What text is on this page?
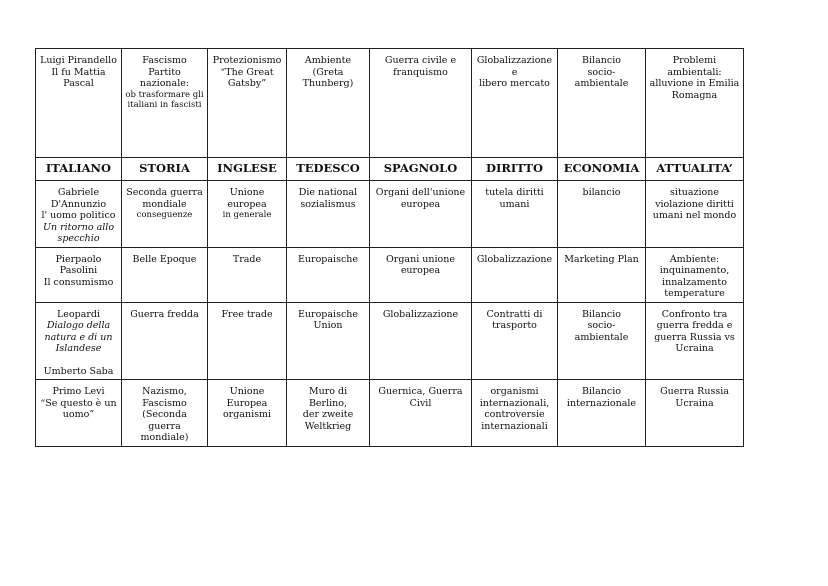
Luigi Pirandello
Il fu Mattia Pascal	Fascismo
Partito
nazionale:
ob trasformare gli
italiani in fascisti	Protezionismo
“The Great
Gatsby”	Ambiente
(Greta
Thunberg)	Guerra civile e
franquismo	Globalizzazione e
libero mercato	Bilancio
socio-ambientale	Problemi
ambientali:
alluvione in Emilia
Romagna

ITALIANO	STORIA	INGLESE	TEDESCO	SPAGNOLO	DIRITTO	ECONOMIA	ATTUALITA’

Gabriele
D'Annunzio
l' uomo politico
Un ritorno allo
specchio	Seconda guerra
mondiale
conseguenze	Unione
europea
in generale	Die national
sozialismus	Organi dell'unione
europea	tutela diritti
umani	bilancio	situazione
violazione diritti
umani nel mondo

Pierpaolo
Pasolini
Il consumismo	Belle Epoque	Trade	Europaische	Organi unione
europea	Globalizzazione	Marketing Plan	Ambiente:
inquinamento,
innalzamento
temperature

Leopardi
Dialogo della
natura e di un
Islandese
Umberto Saba	Guerra fredda	Free trade	Europaische
Union	Globalizzazione	Contratti di
trasporto	Bilancio
socio-ambientale	Confronto tra
guerra fredda e
guerra Russia vs
Ucraina

Primo Levi
“Se questo è un
uomo”	Nazismo,
Fascismo
(Seconda guerra
mondiale)	Unione
Europea
organismi	Muro di Berlino,
der zweite
Weltkrieg	Guernica, Guerra
Civil	organismi
internazionali,
controversie
internazionali	Bilancio
internazionale	Guerra Russia
Ucraina
